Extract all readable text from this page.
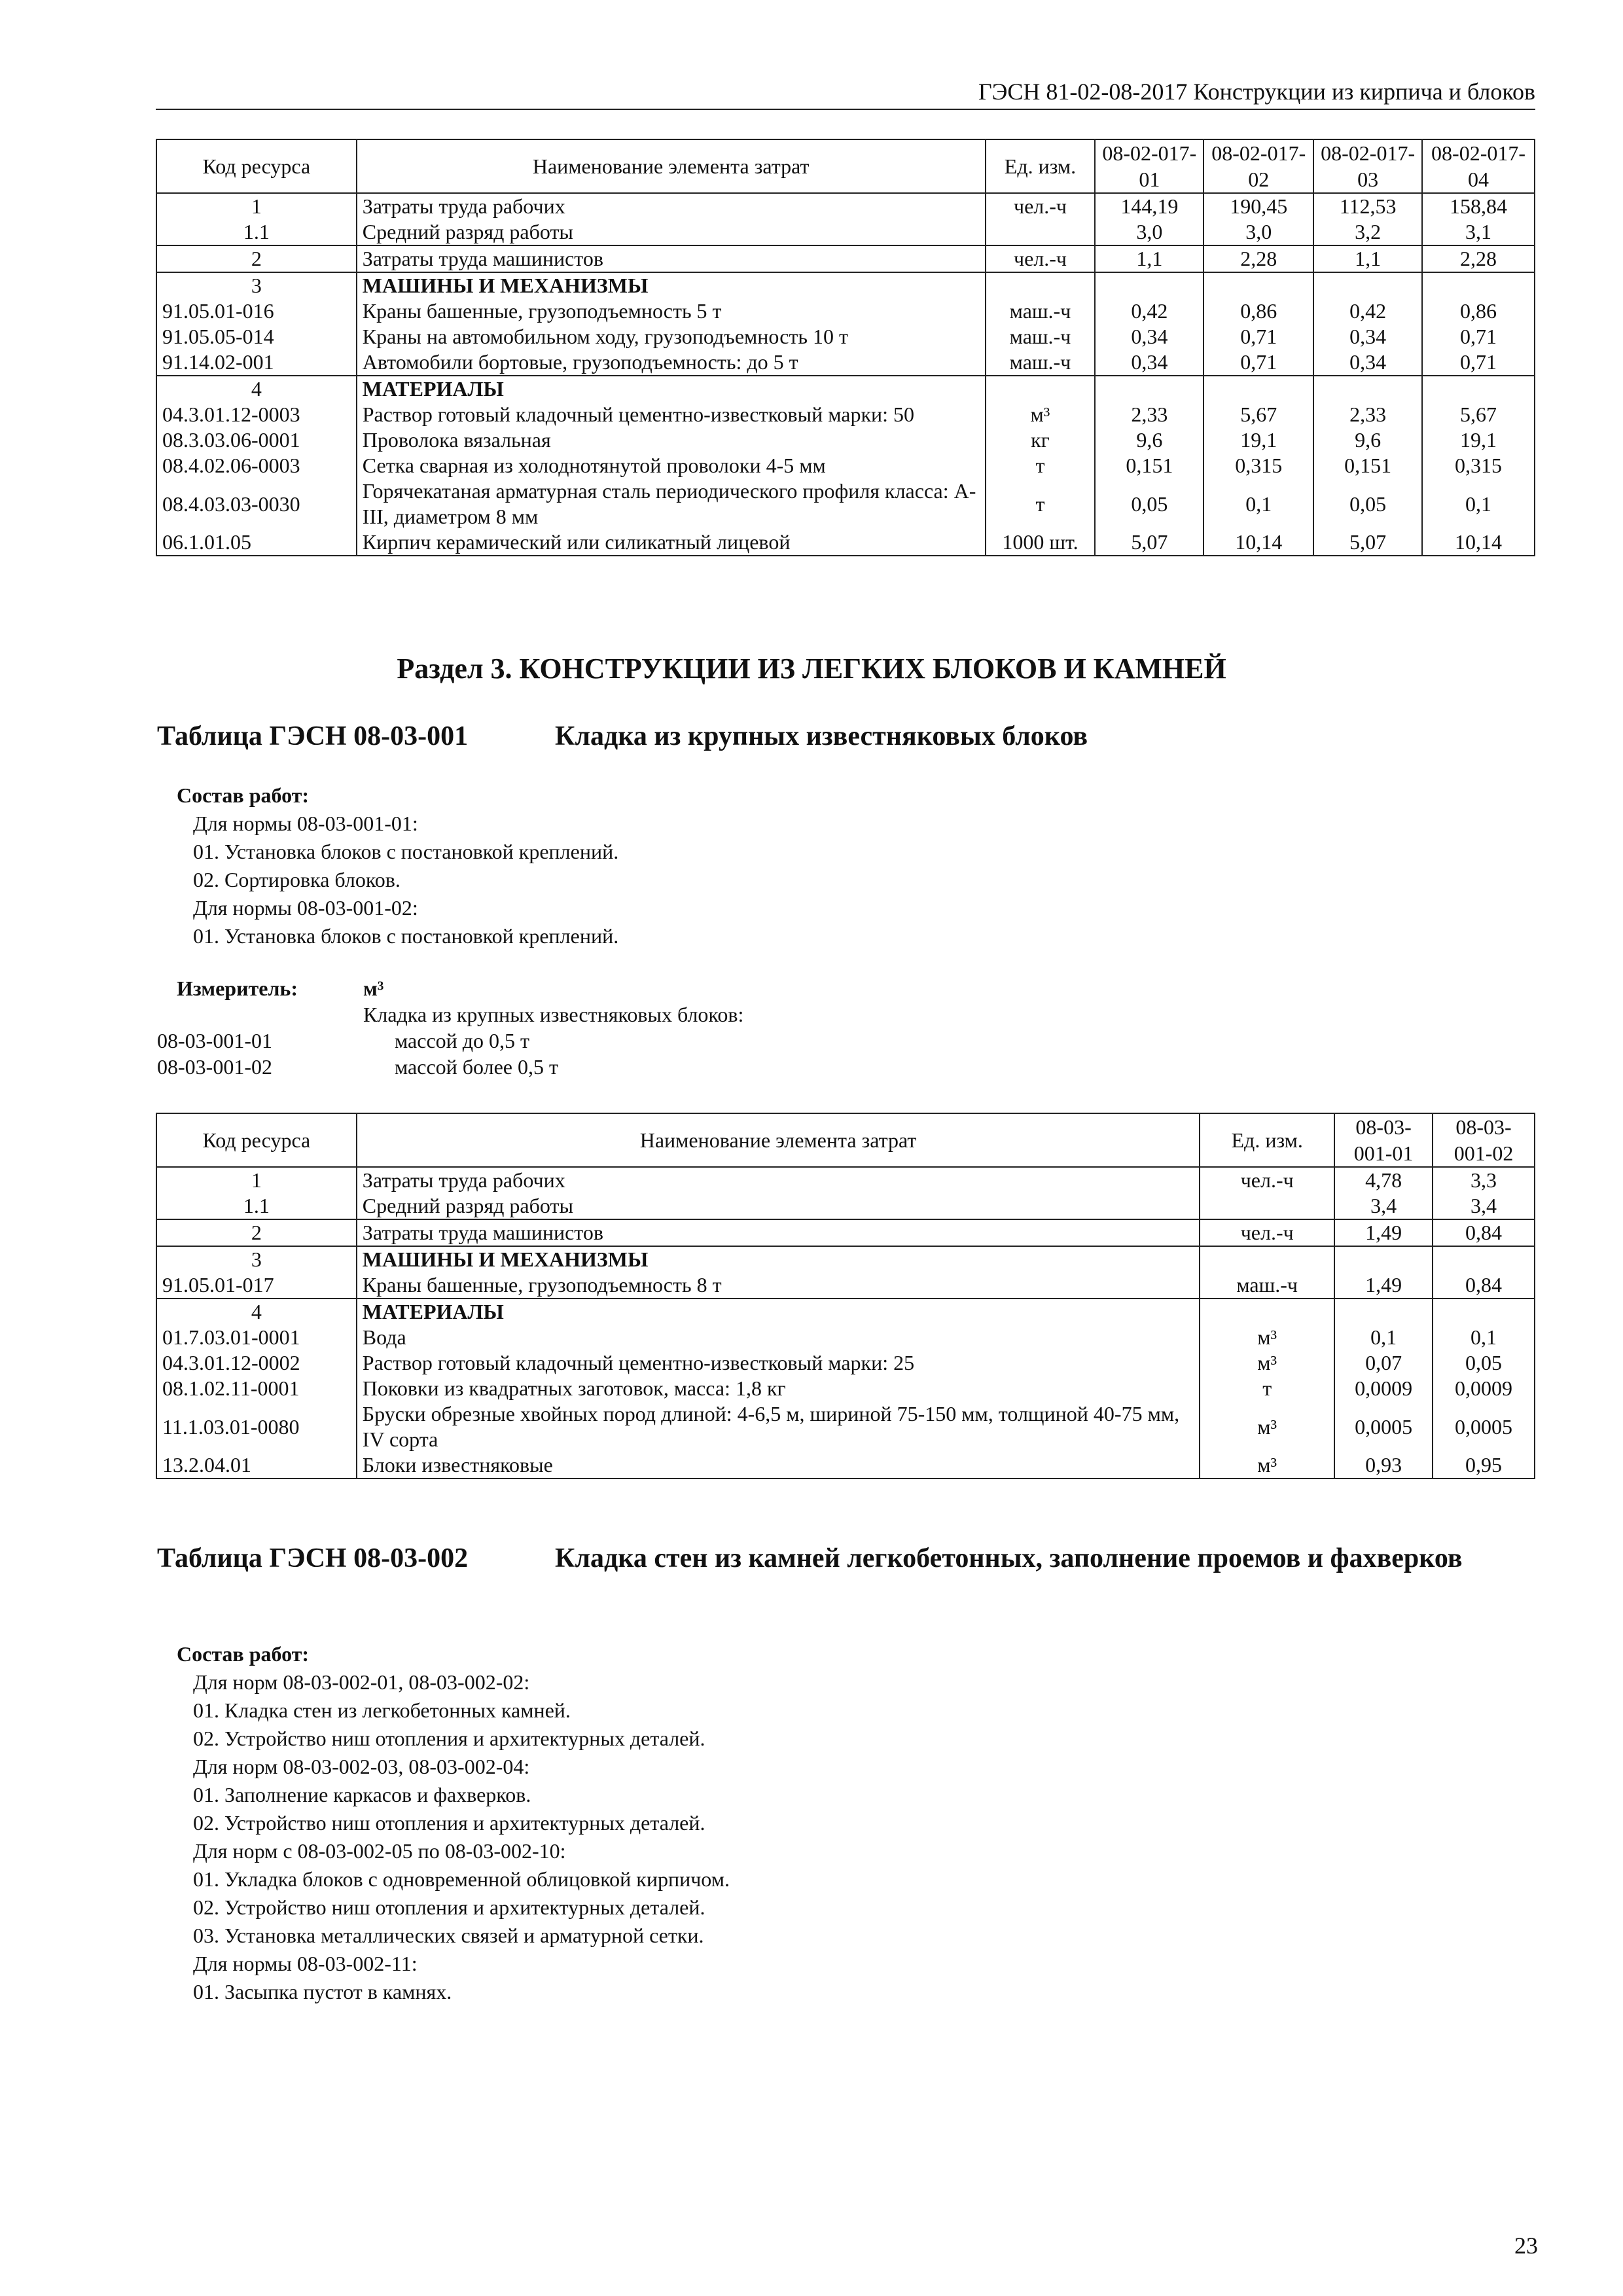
ГЭСН 81-02-08-2017 Конструкции из кирпича и блоков
Код ресурса	Наименование элемента затрат	Ед. изм.	08-02-017-01	08-02-017-02	08-02-017-03	08-02-017-04
1	Затраты труда рабочих	чел.-ч	144,19	190,45	112,53	158,84
1.1	Средний разряд работы		3,0	3,0	3,2	3,1
2	Затраты труда машинистов	чел.-ч	1,1	2,28	1,1	2,28
3	МАШИНЫ И МЕХАНИЗМЫ					
91.05.01-016	Краны башенные, грузоподъемность 5 т	маш.-ч	0,42	0,86	0,42	0,86
91.05.05-014	Краны на автомобильном ходу, грузоподъемность 10 т	маш.-ч	0,34	0,71	0,34	0,71
91.14.02-001	Автомобили бортовые, грузоподъемность: до 5 т	маш.-ч	0,34	0,71	0,34	0,71
4	МАТЕРИАЛЫ					
04.3.01.12-0003	Раствор готовый кладочный цементно-известковый марки: 50	м³	2,33	5,67	2,33	5,67
08.3.03.06-0001	Проволока вязальная	кг	9,6	19,1	9,6	19,1
08.4.02.06-0003	Сетка сварная из холоднотянутой проволоки 4-5 мм	т	0,151	0,315	0,151	0,315
08.4.03.03-0030	Горячекатаная арматурная сталь периодического профиля класса: А-III, диаметром 8 мм	т	0,05	0,1	0,05	0,1
06.1.01.05	Кирпич керамический или силикатный лицевой	1000 шт.	5,07	10,14	5,07	10,14
Раздел 3. КОНСТРУКЦИИ ИЗ ЛЕГКИХ БЛОКОВ И КАМНЕЙ
Таблица ГЭСН 08-03-001	Кладка из крупных известняковых блоков
Состав работ:
Для нормы 08-03-001-01:
01. Установка блоков с постановкой креплений.
02. Сортировка блоков.
Для нормы 08-03-001-02:
01. Установка блоков с постановкой креплений.
Измеритель:	м³
Кладка из крупных известняковых блоков:
08-03-001-01	массой до 0,5 т
08-03-001-02	массой более 0,5 т
Код ресурса	Наименование элемента затрат	Ед. изм.	08-03-001-01	08-03-001-02
1	Затраты труда рабочих	чел.-ч	4,78	3,3
1.1	Средний разряд работы		3,4	3,4
2	Затраты труда машинистов	чел.-ч	1,49	0,84
3	МАШИНЫ И МЕХАНИЗМЫ			
91.05.01-017	Краны башенные, грузоподъемность 8 т	маш.-ч	1,49	0,84
4	МАТЕРИАЛЫ			
01.7.03.01-0001	Вода	м³	0,1	0,1
04.3.01.12-0002	Раствор готовый кладочный цементно-известковый марки: 25	м³	0,07	0,05
08.1.02.11-0001	Поковки из квадратных заготовок, масса: 1,8 кг	т	0,0009	0,0009
11.1.03.01-0080	Бруски обрезные хвойных пород длиной: 4-6,5 м, шириной 75-150 мм, толщиной 40-75 мм, IV сорта	м³	0,0005	0,0005
13.2.04.01	Блоки известняковые	м³	0,93	0,95
Таблица ГЭСН 08-03-002	Кладка стен из камней легкобетонных, заполнение проемов и фахверков
Состав работ:
Для норм 08-03-002-01, 08-03-002-02:
01. Кладка стен из легкобетонных камней.
02. Устройство ниш отопления и архитектурных деталей.
Для норм 08-03-002-03, 08-03-002-04:
01. Заполнение каркасов и фахверков.
02. Устройство ниш отопления и архитектурных деталей.
Для норм с 08-03-002-05 по 08-03-002-10:
01. Укладка блоков с одновременной облицовкой кирпичом.
02. Устройство ниш отопления и архитектурных деталей.
03. Установка металлических связей и арматурной сетки.
Для нормы 08-03-002-11:
01. Засыпка пустот в камнях.
23
